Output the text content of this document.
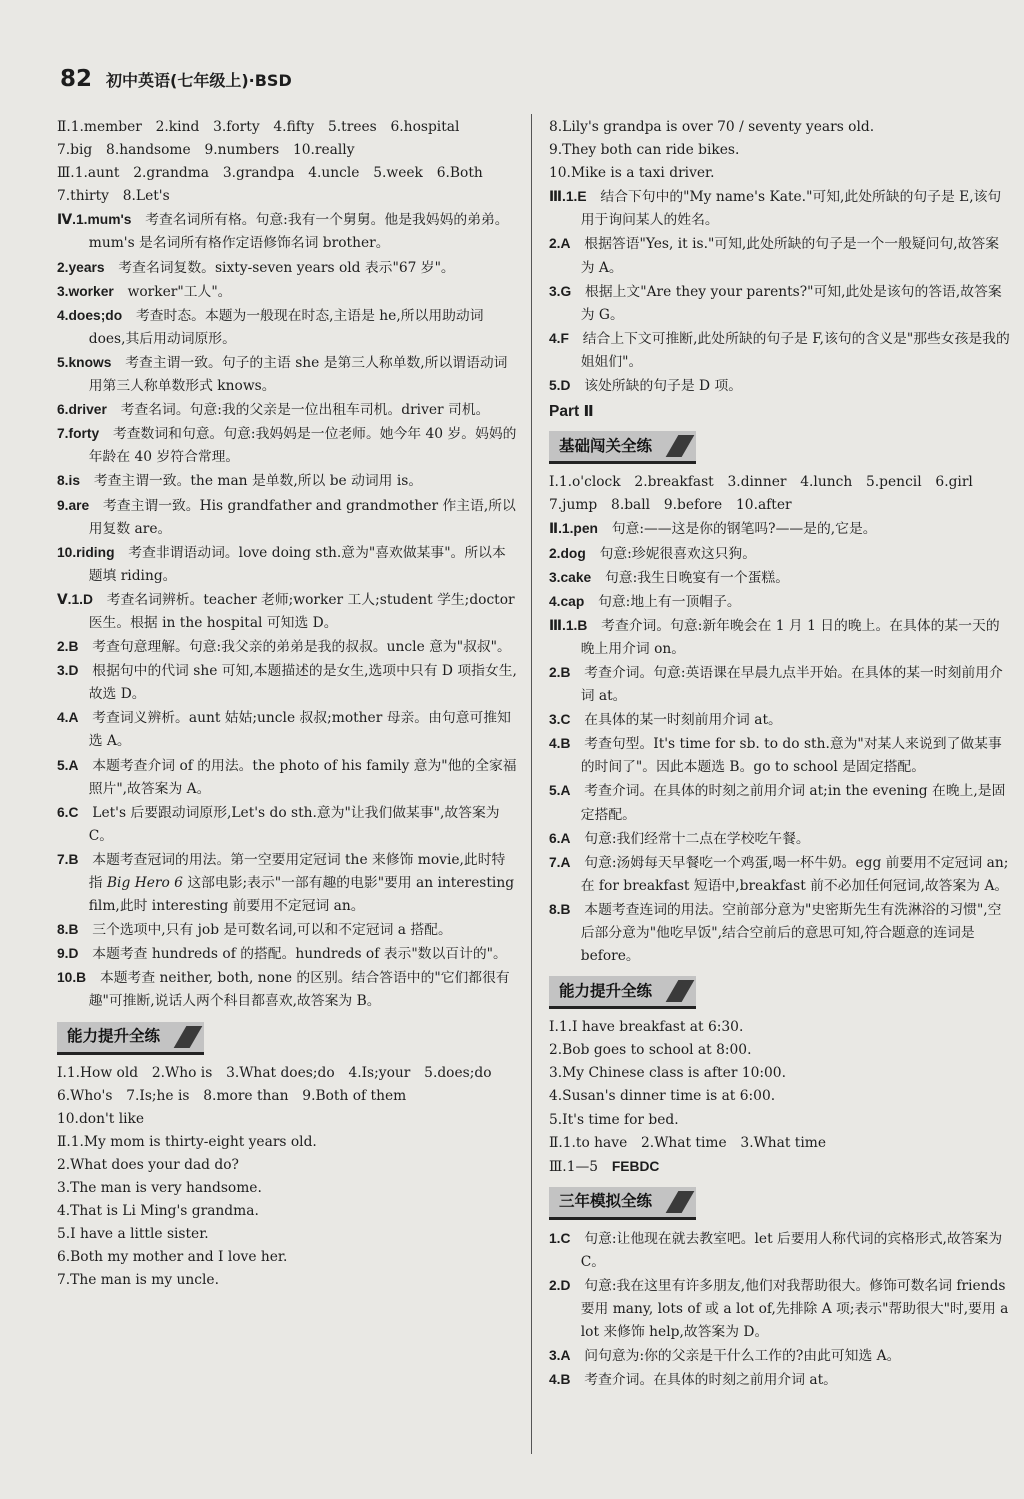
82 初中英语(七年级上)·BSD

Ⅱ.1.member　2.kind　3.forty　4.fifty　5.trees　6.hospital

7.big　8.handsome　9.numbers　10.really

Ⅲ.1.aunt　2.grandma　3.grandpa　4.uncle　5.week　6.Both

7.thirty　8.Let's

Ⅳ.1.mum's　 考查名词所有格。句意:我有一个舅舅。他是我妈妈的弟弟。mum's 是名词所有格作定语修饰名词 brother。

2.years　 考查名词复数。sixty-seven years old 表示"67 岁"。

3.worker　 worker"工人"。

4.does;do　 考查时态。本题为一般现在时态,主语是 he,所以用助动词 does,其后用动词原形。

5.knows　 考查主谓一致。句子的主语 she 是第三人称单数,所以谓语动词用第三人称单数形式 knows。

6.driver　 考查名词。句意:我的父亲是一位出租车司机。driver 司机。

7.forty　 考查数词和句意。句意:我妈妈是一位老师。她今年 40 岁。妈妈的年龄在 40 岁符合常理。

8.is　 考查主谓一致。the man 是单数,所以 be 动词用 is。

9.are　 考查主谓一致。His grandfather and grandmother 作主语,所以用复数 are。

10.riding　 考查非谓语动词。love doing sth.意为"喜欢做某事"。所以本题填 riding。

Ⅴ.1.D　 考查名词辨析。teacher 老师;worker 工人;student 学生;doctor 医生。根据 in the hospital 可知选 D。

2.B　 考查句意理解。句意:我父亲的弟弟是我的叔叔。uncle 意为"叔叔"。

3.D　 根据句中的代词 she 可知,本题描述的是女生,选项中只有 D 项指女生,故选 D。

4.A　 考查词义辨析。aunt 姑姑;uncle 叔叔;mother 母亲。由句意可推知选 A。

5.A　 本题考查介词 of 的用法。the photo of his family 意为"他的全家福照片",故答案为 A。

6.C　 Let's 后要跟动词原形,Let's do sth.意为"让我们做某事",故答案为 C。

7.B　 本题考查冠词的用法。第一空要用定冠词 the 来修饰 movie,此时特指 Big Hero 6 这部电影;表示"一部有趣的电影"要用 an interesting film,此时 interesting 前要用不定冠词 an。

8.B　 三个选项中,只有 job 是可数名词,可以和不定冠词 a 搭配。

9.D　 本题考查 hundreds of 的搭配。hundreds of 表示"数以百计的"。

10.B　 本题考查 neither, both, none 的区别。结合答语中的"它们都很有趣"可推断,说话人两个科目都喜欢,故答案为 B。

能力提升全练

Ⅰ.1.How old　2.Who is　3.What does;do　4.Is;your　5.does;do　6.Who's　7.Is;he is　8.more than　9.Both of them

10.don't like

Ⅱ.1.My mom is thirty-eight years old.

2.What does your dad do?

3.The man is very handsome.

4.That is Li Ming's grandma.

5.I have a little sister.

6.Both my mother and I love her.

7.The man is my uncle.

8.Lily's grandpa is over 70 / seventy years old.

9.They both can ride bikes.

10.Mike is a taxi driver.

Ⅲ.1.E　 结合下句中的"My name's Kate."可知,此处所缺的句子是 E,该句用于询问某人的姓名。

2.A　 根据答语"Yes, it is."可知,此处所缺的句子是一个一般疑问句,故答案为 A。

3.G　 根据上文"Are they your parents?"可知,此处是该句的答语,故答案为 G。

4.F　 结合上下文可推断,此处所缺的句子是 F,该句的含义是"那些女孩是我的姐姐们"。

5.D　 该处所缺的句子是 D 项。

Part Ⅱ
基础闯关全练

Ⅰ.1.o'clock　2.breakfast　3.dinner　4.lunch　5.pencil　6.girl

7.jump　8.ball　9.before　10.after

Ⅱ.1.pen　 句意:——这是你的钢笔吗?——是的,它是。

2.dog　 句意:珍妮很喜欢这只狗。

3.cake　 句意:我生日晚宴有一个蛋糕。

4.cap　 句意:地上有一顶帽子。

Ⅲ.1.B　 考查介词。句意:新年晚会在 1 月 1 日的晚上。在具体的某一天的晚上用介词 on。

2.B　 考查介词。句意:英语课在早晨九点半开始。在具体的某一时刻前用介词 at。

3.C　 在具体的某一时刻前用介词 at。

4.B　 考查句型。It's time for sb. to do sth.意为"对某人来说到了做某事的时间了"。因此本题选 B。go to school 是固定搭配。

5.A　 考查介词。在具体的时刻之前用介词 at;in the evening 在晚上,是固定搭配。

6.A　 句意:我们经常十二点在学校吃午餐。

7.A　 句意:汤姆每天早餐吃一个鸡蛋,喝一杯牛奶。egg 前要用不定冠词 an;在 for breakfast 短语中,breakfast 前不必加任何冠词,故答案为 A。

8.B　 本题考查连词的用法。空前部分意为"史密斯先生有洗淋浴的习惯",空后部分意为"他吃早饭",结合空前后的意思可知,符合题意的连词是 before。

能力提升全练

Ⅰ.1.I have breakfast at 6:30.

2.Bob goes to school at 8:00.

3.My Chinese class is after 10:00.

4.Susan's dinner time is at 6:00.

5.It's time for bed.

Ⅱ.1.to have　2.What time　3.What time

Ⅲ.1—5　FEBDC

三年模拟全练

1.C　 句意:让他现在就去教室吧。let 后要用人称代词的宾格形式,故答案为 C。

2.D　 句意:我在这里有许多朋友,他们对我帮助很大。修饰可数名词 friends 要用 many, lots of 或 a lot of,先排除 A 项;表示"帮助很大"时,要用 a lot 来修饰 help,故答案为 D。

3.A　 问句意为:你的父亲是干什么工作的?由此可知选 A。

4.B　 考查介词。在具体的时刻之前用介词 at。
